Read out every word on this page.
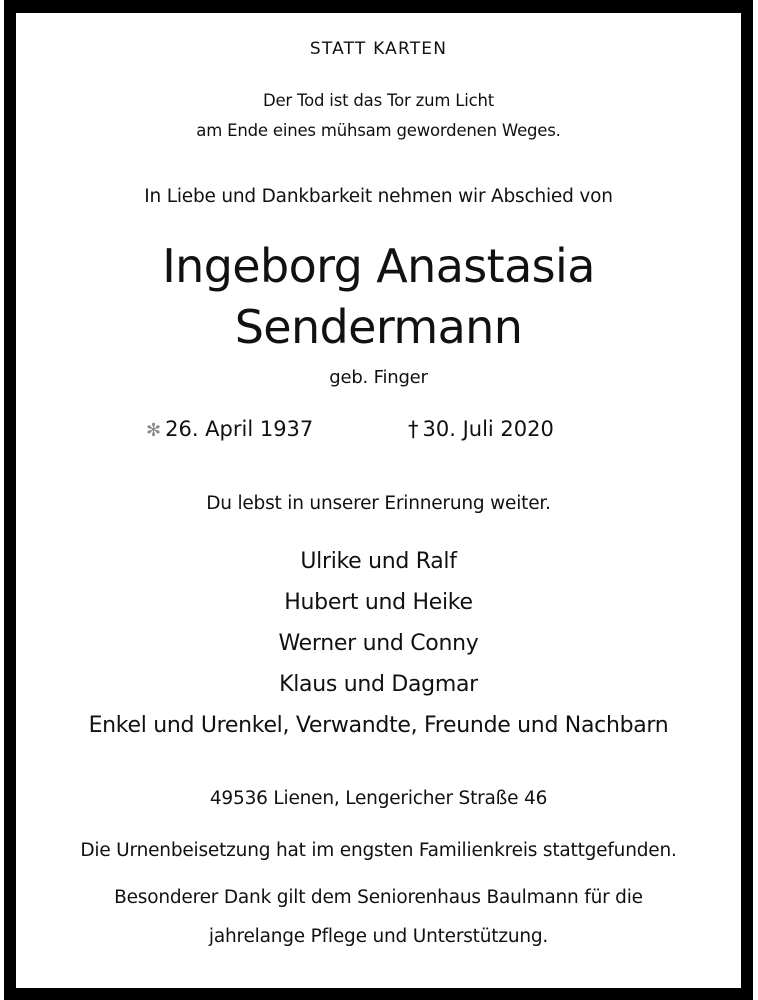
STATT KARTEN
Der Tod ist das Tor zum Licht
am Ende eines mühsam gewordenen Weges.
In Liebe und Dankbarkeit nehmen wir Abschied von
Ingeborg Anastasia
Sendermann
geb. Finger
✻ 26. April 1937	† 30. Juli 2020
Du lebst in unserer Erinnerung weiter.
Ulrike und Ralf
Hubert und Heike
Werner und Conny
Klaus und Dagmar
Enkel und Urenkel, Verwandte, Freunde und Nachbarn
49536 Lienen, Lengericher Straße 46
Die Urnenbeisetzung hat im engsten Familienkreis stattgefunden.
Besonderer Dank gilt dem Seniorenhaus Baulmann für die
jahrelange Pflege und Unterstützung.
